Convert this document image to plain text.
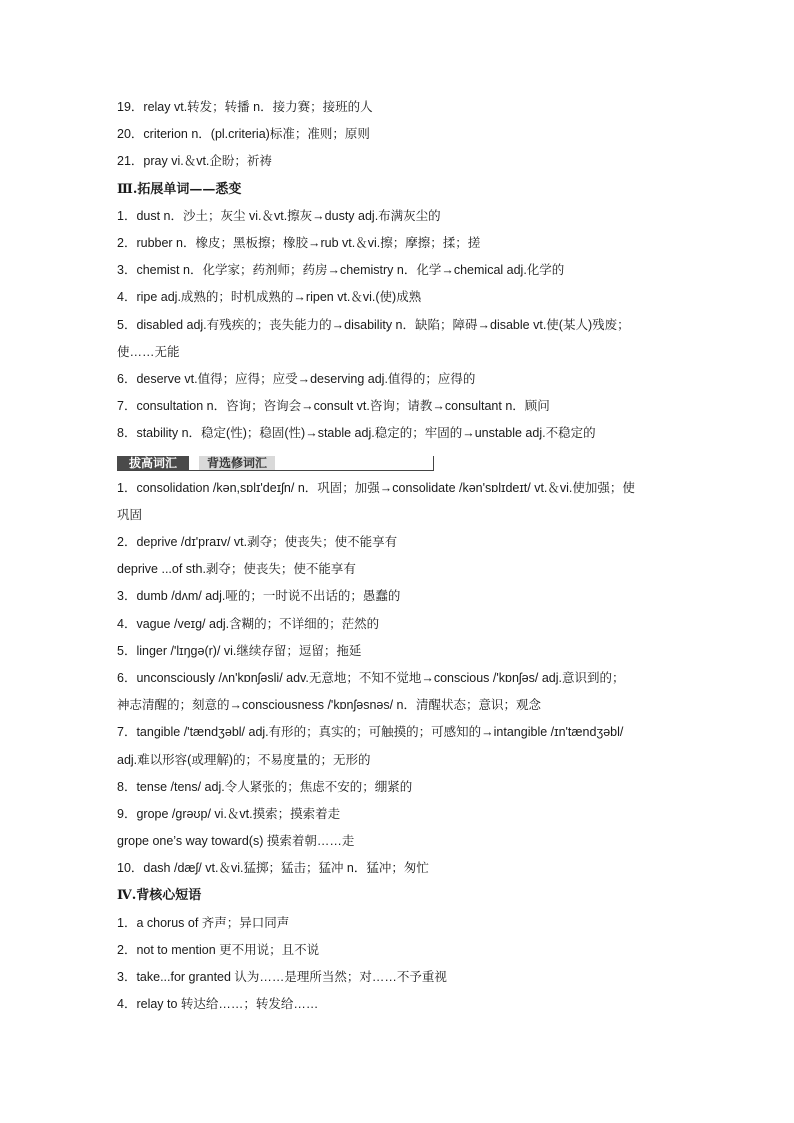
19．relay vt.转发；转播 n．接力赛；接班的人
20．criterion n．(pl.criteria)标准；准则；原则
21．pray vi.＆vt.企盼；祈祷
Ⅲ.拓展单词——悉变
1．dust n．沙土；灰尘 vi.＆vt.擦灰→dusty adj.布满灰尘的
2．rubber n．橡皮；黑板擦；橡胶→rub vt.＆vi.擦；摩擦；揉；搓
3．chemist n．化学家；药剂师；药房→chemistry n．化学→chemical adj.化学的
4．ripe adj.成熟的；时机成熟的→ripen vt.＆vi.(使)成熟
5．disabled adj.有残疾的；丧失能力的→disability n．缺陷；障碍→disable vt.使(某人)残废；
使……无能
6．deserve vt.值得；应得；应受→deserving adj.值得的；应得的
7．consultation n．咨询；咨询会→consult vt.咨询；请教→consultant n．顾问
8．stability n．稳定(性)；稳固(性)→stable adj.稳定的；牢固的→unstable adj.不稳定的
拔高词汇	背选修词汇
1．consolidation /kən,sɒlɪ'deɪʃn/ n．巩固；加强→consolidate /kən'sɒlɪdeɪt/ vt.＆vi.使加强；使
巩固
2．deprive /dɪ'praɪv/ vt.剥夺；使丧失；使不能享有
deprive ...of sth.剥夺；使丧失；使不能享有
3．dumb /dʌm/ adj.哑的；一时说不出话的；愚蠢的
4．vague /veɪɡ/ adj.含糊的；不详细的；茫然的
5．linger /'lɪŋɡə(r)/ vi.继续存留；逗留；拖延
6．unconsciously /ʌn'kɒnʃəsli/ adv.无意地；不知不觉地→conscious /'kɒnʃəs/ adj.意识到的；
神志清醒的；刻意的→consciousness /'kɒnʃəsnəs/ n．清醒状态；意识；观念
7．tangible /'tændʒəbl/ adj.有形的；真实的；可触摸的；可感知的→intangible /ɪn'tændʒəbl/
adj.难以形容(或理解)的；不易度量的；无形的
8．tense /tens/ adj.令人紧张的；焦虑不安的；绷紧的
9．grope /ɡrəʊp/ vi.＆vt.摸索；摸索着走
grope one’s way toward(s) 摸索着朝……走
10．dash /dæʃ/ vt.＆vi.猛掷；猛击；猛冲 n．猛冲；匆忙
Ⅳ.背核心短语
1．a chorus of 齐声；异口同声
2．not to mention 更不用说；且不说
3．take...for granted 认为……是理所当然；对……不予重视
4．relay to 转达给……；转发给……
